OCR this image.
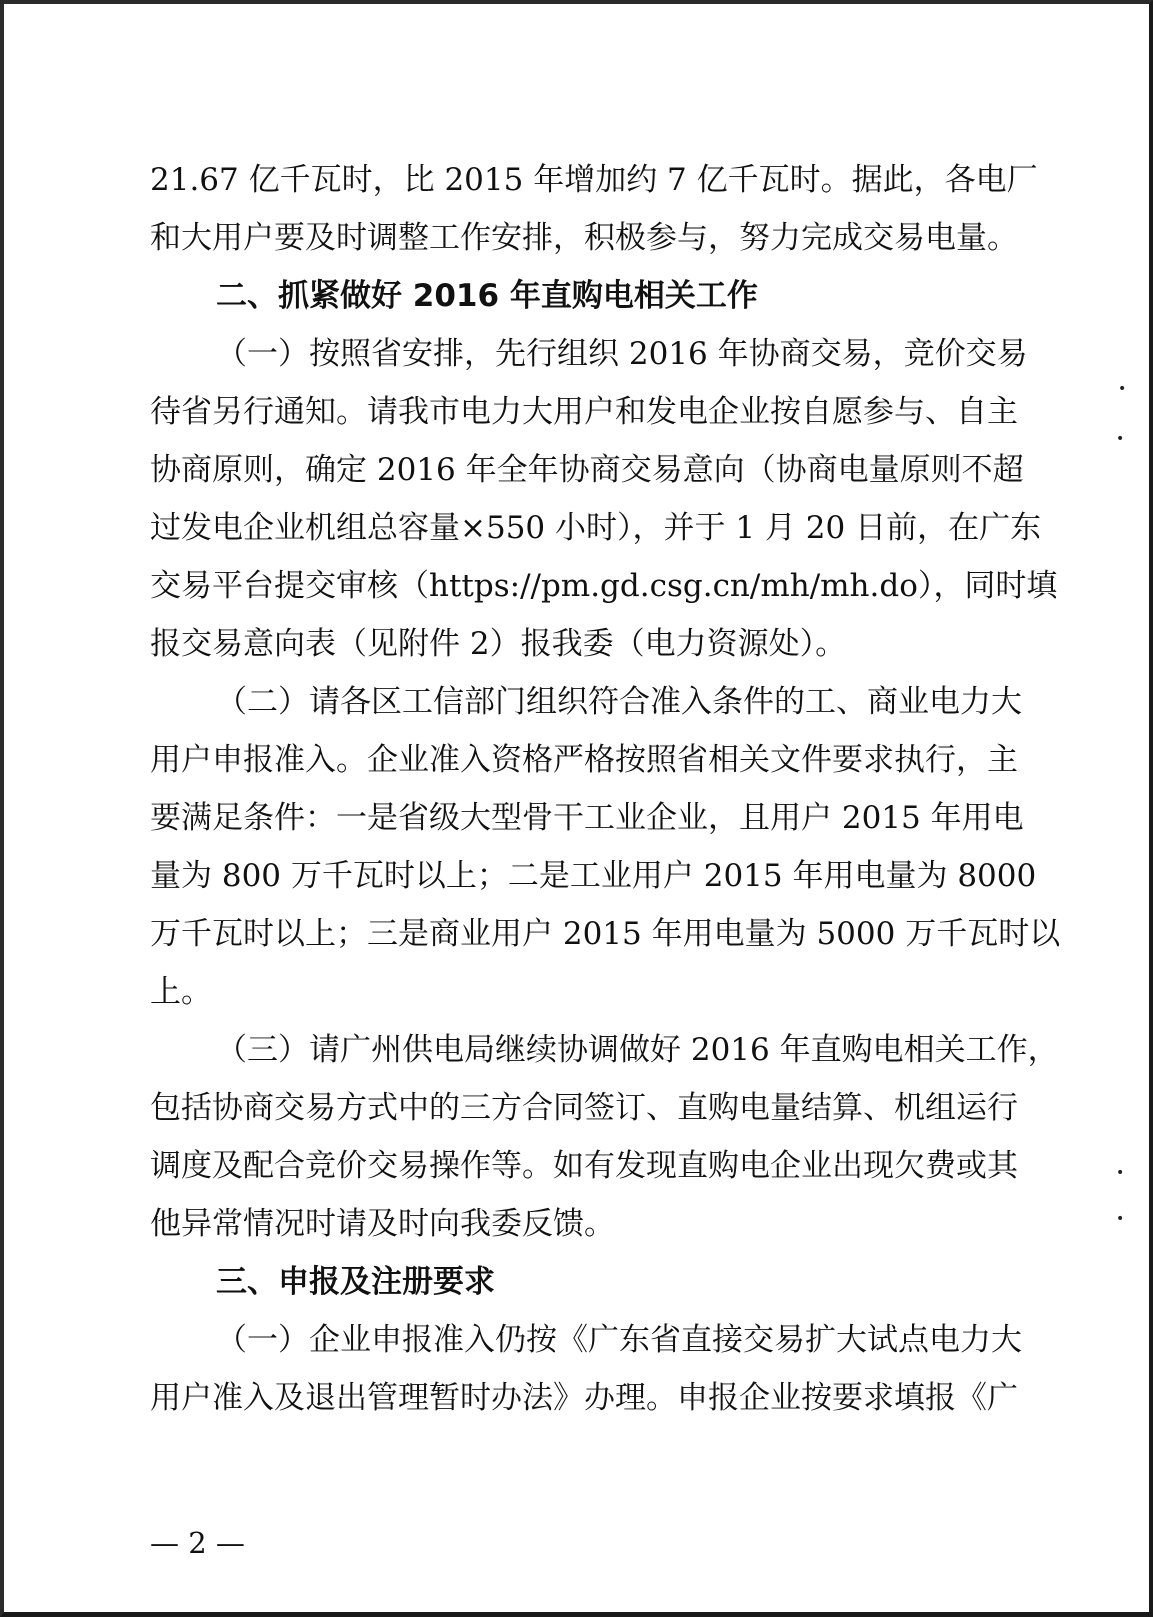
21.67 亿千瓦时，比 2015 年增加约 7 亿千瓦时。据此，各电厂
和大用户要及时调整工作安排，积极参与，努力完成交易电量。
二、抓紧做好 2016 年直购电相关工作
（一）按照省安排，先行组织 2016 年协商交易，竞价交易
待省另行通知。请我市电力大用户和发电企业按自愿参与、自主
协商原则，确定 2016 年全年协商交易意向（协商电量原则不超
过发电企业机组总容量×550 小时），并于 1 月 20 日前，在广东
交易平台提交审核（https://pm.gd.csg.cn/mh/mh.do），同时填
报交易意向表（见附件 2）报我委（电力资源处）。
（二）请各区工信部门组织符合准入条件的工、商业电力大
用户申报准入。企业准入资格严格按照省相关文件要求执行，主
要满足条件：一是省级大型骨干工业企业，且用户 2015 年用电
量为 800 万千瓦时以上；二是工业用户 2015 年用电量为 8000
万千瓦时以上；三是商业用户 2015 年用电量为 5000 万千瓦时以
上。
（三）请广州供电局继续协调做好 2016 年直购电相关工作，
包括协商交易方式中的三方合同签订、直购电量结算、机组运行
调度及配合竞价交易操作等。如有发现直购电企业出现欠费或其
他异常情况时请及时向我委反馈。
三、申报及注册要求
（一）企业申报准入仍按《广东省直接交易扩大试点电力大
用户准入及退出管理暂时办法》办理。申报企业按要求填报《广
— 2 —
•
•
•
•
